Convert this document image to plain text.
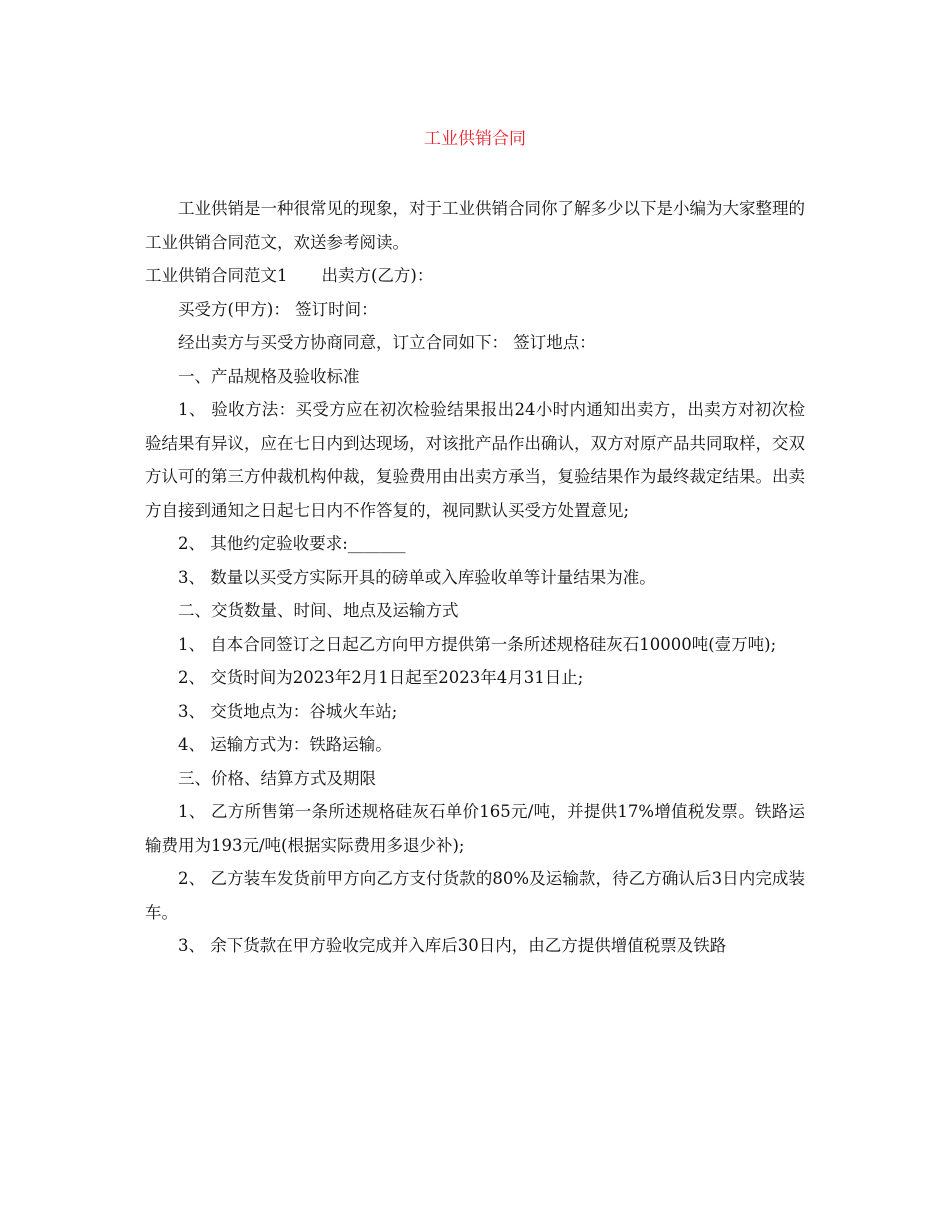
工业供销合同

工业供销是一种很常见的现象，对于工业供销合同你了解多少以下是小编为大家整理的工业供销合同范文，欢送参考阅读。

工业供销合同范文1 出卖方(乙方)：

买受方(甲方)： 签订时间：

经出卖方与买受方协商同意，订立合同如下： 签订地点：

一、产品规格及验收标准

1、 验收方法：买受方应在初次检验结果报出24小时内通知出卖方，出卖方对初次检验结果有异议，应在七日内到达现场，对该批产品作出确认，双方对原产品共同取样，交双方认可的第三方仲裁机构仲裁，复验费用由出卖方承当，复验结果作为最终裁定结果。出卖方自接到通知之日起七日内不作答复的，视同默认买受方处置意见;

2、 其他约定验收要求:_______

3、 数量以买受方实际开具的磅单或入库验收单等计量结果为准。

二、交货数量、时间、地点及运输方式

1、 自本合同签订之日起乙方向甲方提供第一条所述规格硅灰石10000吨(壹万吨);

2、 交货时间为2023年2月1日起至2023年4月31日止;

3、 交货地点为：谷城火车站;

4、 运输方式为：铁路运输。

三、价格、结算方式及期限

1、 乙方所售第一条所述规格硅灰石单价165元/吨，并提供17%增值税发票。铁路运输费用为193元/吨(根据实际费用多退少补);

2、 乙方装车发货前甲方向乙方支付货款的80%及运输款，待乙方确认后3日内完成装车。

3、 余下货款在甲方验收完成并入库后30日内，由乙方提供增值税票及铁路
